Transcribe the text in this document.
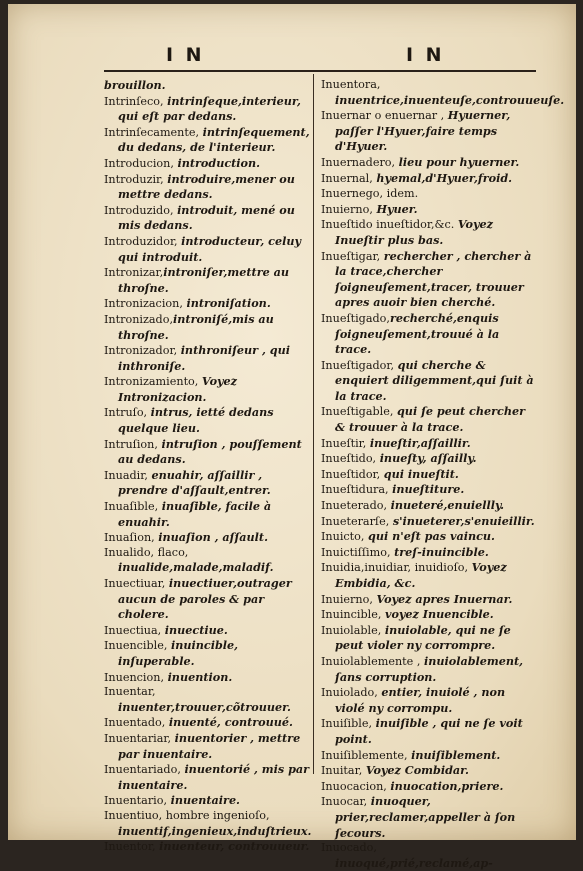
I N	I N

brouillon.

Intrinſeco, intrinſeque,interieur, qui eſt par dedans.

Intrinſecamente, intrinſequement, du dedans, de l'interieur.

Introducion, introduction.

Introduzir, introduire,mener ou mettre dedans.

Introduzido, introduit, mené ou mis dedans.

Introduzidor, introducteur, celuy qui introduit.

Intronizar,introniſer,mettre au throſne.

Intronizacion, introniſation.

Intronizado,introniſé,mis au throſne.

Intronizador, inthroniſeur , qui inthroniſe.

Intronizamiento, Voyez Intronizacion.

Intruſo, intrus, ietté dedans quelque lieu.

Intruſion, intruſion , pouſſement au dedans.

Inuadir, enuahir, aſſaillir , prendre d'aſſault,entrer.

Inuaſible, inuaſible, facile à enuahir.

Inuaſion, inuaſion , aſſault.

Inualido, flaco, inualide,malade,maladif.

Inuectiuar, inuectiuer,outrager aucun de paroles & par cholere.

Inuectiua, inuectiue.

Inuencible, inuincible, inſuperable.

Inuencion, inuention.

Inuentar, inuenter,trouuer,cõtrouuer.

Inuentado, inuenté, controuué.

Inuentariar, inuentorier , mettre par inuentaire.

Inuentariado, inuentorié , mis par inuentaire.

Inuentario, inuentaire.

Inuentiuo, hombre ingenioſo, inuentif,ingenieux,induſtrieux.

Inuentor, inuenteur, controuueur.

Inuentora, inuentrice,inuenteuſe,controuueuſe.

Inuernar o enuernar , Hyuerner, paſſer l'Hyuer,faire temps d'Hyuer.

Inuernadero, lieu pour hyuerner.

Inuernal, hyemal,d'Hyuer,froid.

Inuernego, idem.

Inuierno, Hyuer.

Inueſtido inueſtidor,&c. Voyez Inueſtir plus bas.

Inueſtigar, rechercher , chercher à la trace,chercher ſoigneuſement,tracer, trouuer apres auoir bien cherché.

Inueſtigado,recherché,enquis ſoigneuſement,trouué à la trace.

Inueſtigador, qui cherche & enquiert diligemment,qui ſuit à la trace.

Inueſtigable, qui ſe peut chercher & trouuer à la trace.

Inueſtir, inueſtir,aſſaillir.

Inueſtido, inueſty, aſſailly.

Inueſtidor, qui inueſtit.

Inueſtidura, inueſtiture.

Inueterado, inueteré,enuiellly.

Inueterarſe, s'inueterer,s'enuieillir.

Inuicto, qui n'eſt pas vaincu.

Inuictiſſimo, treſ-inuincible.

Inuidia,inuidiar, inuidioſo, Voyez Embidia, &c.

Inuierno, Voyez apres Inuernar.

Inuincible, voyez Inuencible.

Inuiolable, inuiolable, qui ne ſe peut violer ny corrompre.

Inuiolablemente , inuiolablement, ſans corruption.

Inuiolado, entier, inuiolé , non violé ny corrompu.

Inuiſible, inuiſible , qui ne ſe voit point.

Inuiſiblemente, inuiſiblement.

Inuitar, Voyez Combidar.

Inuocacion, inuocation,priere.

Inuocar, inuoquer, prier,reclamer,appeller à ſon ſecours.

Inuocado, inuoqué,prié,reclamé,ap-
